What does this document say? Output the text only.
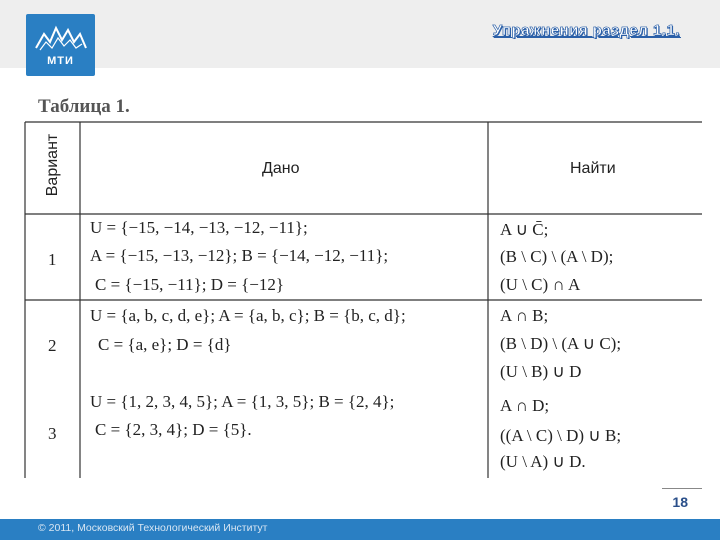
МТИ
Упражнения раздел 1.1.
Таблица 1.
Вариант	Дано	Найти
1
U = {−15, −14, −13, −12, −11};
A = {−15, −13, −12}; B = {−14, −12, −11};
C = {−15, −11}; D = {−12}
A ∪ C̄;
(B \ C) \ (A \ D);
(U \ C) ∩ A
2
U = {a, b, c, d, e}; A = {a, b, c}; B = {b, c, d};
C = {a, e}; D = {d}
A ∩ B;
(B \ D) \ (A ∪ C);
(U \ B) ∪ D
3
U = {1, 2, 3, 4, 5}; A = {1, 3, 5}; B = {2, 4};
C = {2, 3, 4}; D = {5}.
A ∩ D;
((A \ C) \ D) ∪ B;
(U \ A) ∪ D.
18
© 2011, Московский Технологический Институт
